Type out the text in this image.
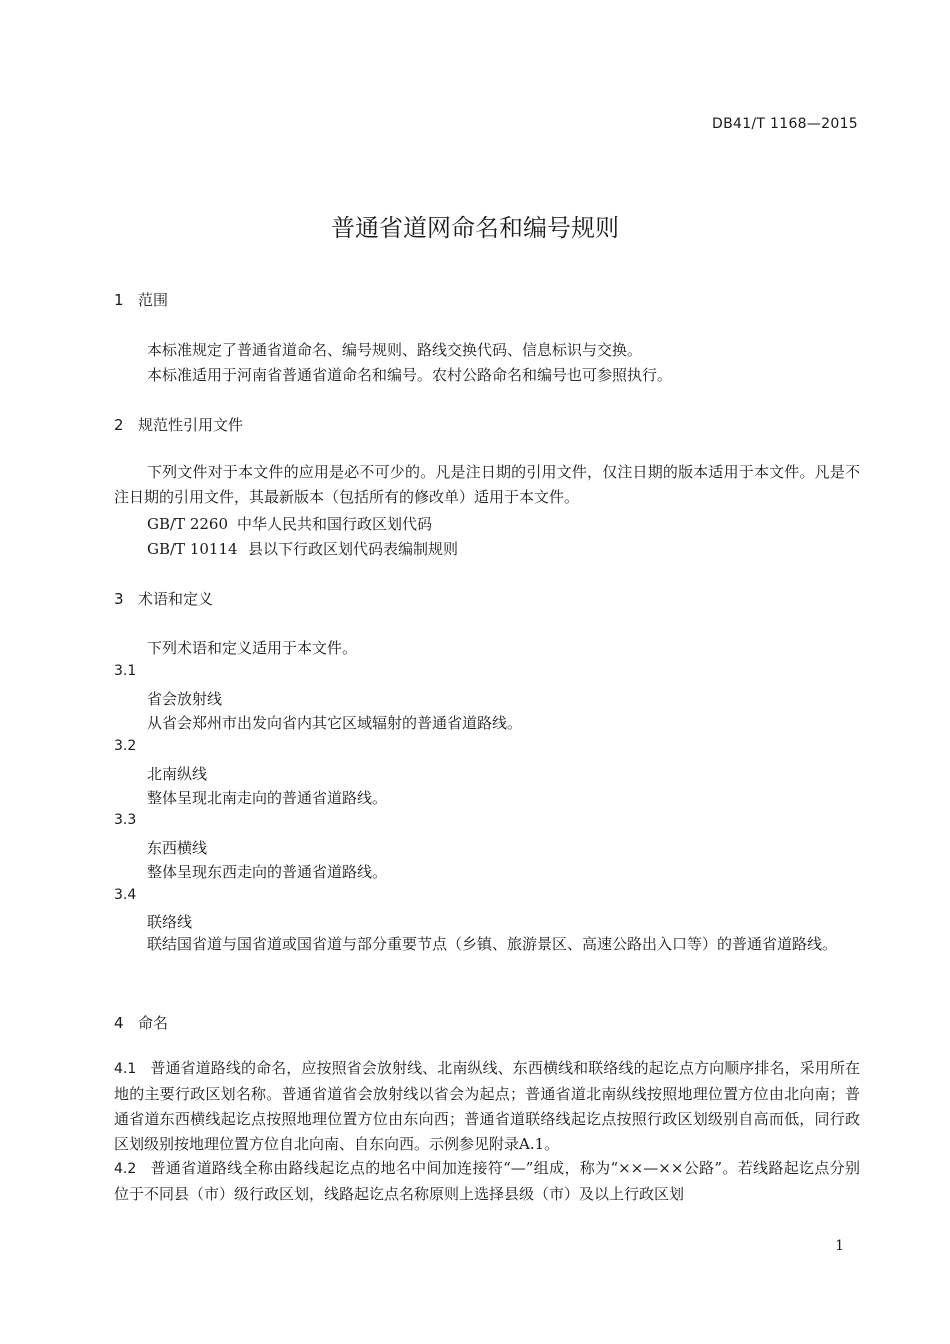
DB41/T 1168—2015
普通省道网命名和编号规则
1 范围
本标准规定了普通省道命名、编号规则、路线交换代码、信息标识与交换。
本标准适用于河南省普通省道命名和编号。农村公路命名和编号也可参照执行。
2 规范性引用文件
下列文件对于本文件的应用是必不可少的。凡是注日期的引用文件，仅注日期的版本适用于本文件。凡是不注日期的引用文件，其最新版本（包括所有的修改单）适用于本文件。
GB/T 2260 中华人民共和国行政区划代码
GB/T 10114 县以下行政区划代码表编制规则
3 术语和定义
下列术语和定义适用于本文件。
3.1
省会放射线
从省会郑州市出发向省内其它区域辐射的普通省道路线。
3.2
北南纵线
整体呈现北南走向的普通省道路线。
3.3
东西横线
整体呈现东西走向的普通省道路线。
3.4
联络线
联结国省道与国省道或国省道与部分重要节点（乡镇、旅游景区、高速公路出入口等）的普通省道路线。
4 命名
4.1 普通省道路线的命名，应按照省会放射线、北南纵线、东西横线和联络线的起讫点方向顺序排名，采用所在地的主要行政区划名称。普通省道省会放射线以省会为起点；普通省道北南纵线按照地理位置方位由北向南；普通省道东西横线起讫点按照地理位置方位由东向西；普通省道联络线起讫点按照行政区划级别自高而低，同行政区划级别按地理位置方位自北向南、自东向西。示例参见附录A.1。
4.2 普通省道路线全称由路线起讫点的地名中间加连接符“—”组成，称为“××—××公路”。若线路起讫点分别位于不同县（市）级行政区划，线路起讫点名称原则上选择县级（市）及以上行政区划
1
